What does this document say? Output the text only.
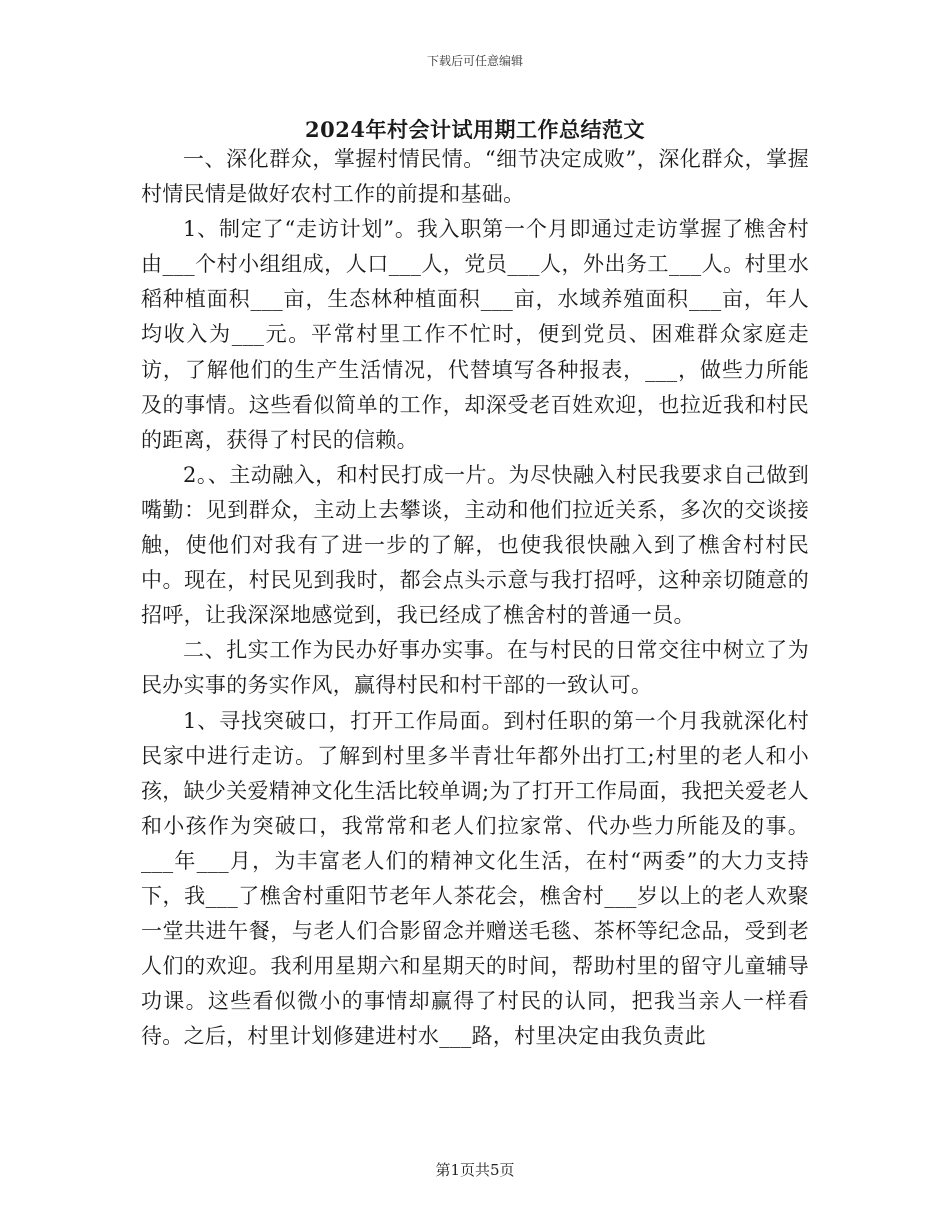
下载后可任意编辑
2024年村会计试用期工作总结范文

一、深化群众，掌握村情民情。“细节决定成败”，深化群众，掌握村情民情是做好农村工作的前提和基础。

1、制定了“走访计划”。我入职第一个月即通过走访掌握了樵舍村由___个村小组组成，人口___人，党员___人，外出务工___人。村里水稻种植面积___亩，生态林种植面积___亩，水域养殖面积___亩，年人均收入为___元。平常村里工作不忙时，便到党员、困难群众家庭走访，了解他们的生产生活情况，代替填写各种报表，___，做些力所能及的事情。这些看似简单的工作，却深受老百姓欢迎，也拉近我和村民的距离，获得了村民的信赖。

2。、主动融入，和村民打成一片。为尽快融入村民我要求自己做到嘴勤：见到群众，主动上去攀谈，主动和他们拉近关系，多次的交谈接触，使他们对我有了进一步的了解，也使我很快融入到了樵舍村村民中。现在，村民见到我时，都会点头示意与我打招呼，这种亲切随意的招呼，让我深深地感觉到，我已经成了樵舍村的普通一员。

二、扎实工作为民办好事办实事。在与村民的日常交往中树立了为民办实事的务实作风，赢得村民和村干部的一致认可。

1、寻找突破口，打开工作局面。到村任职的第一个月我就深化村民家中进行走访。了解到村里多半青壮年都外出打工;村里的老人和小孩，缺少关爱精神文化生活比较单调;为了打开工作局面，我把关爱老人和小孩作为突破口，我常常和老人们拉家常、代办些力所能及的事。___年___月，为丰富老人们的精神文化生活，在村“两委”的大力支持下，我___了樵舍村重阳节老年人茶花会，樵舍村___岁以上的老人欢聚一堂共进午餐，与老人们合影留念并赠送毛毯、茶杯等纪念品，受到老人们的欢迎。我利用星期六和星期天的时间，帮助村里的留守儿童辅导功课。这些看似微小的事情却赢得了村民的认同，把我当亲人一样看待。之后，村里计划修建进村水___路，村里决定由我负责此

第1页共5页
